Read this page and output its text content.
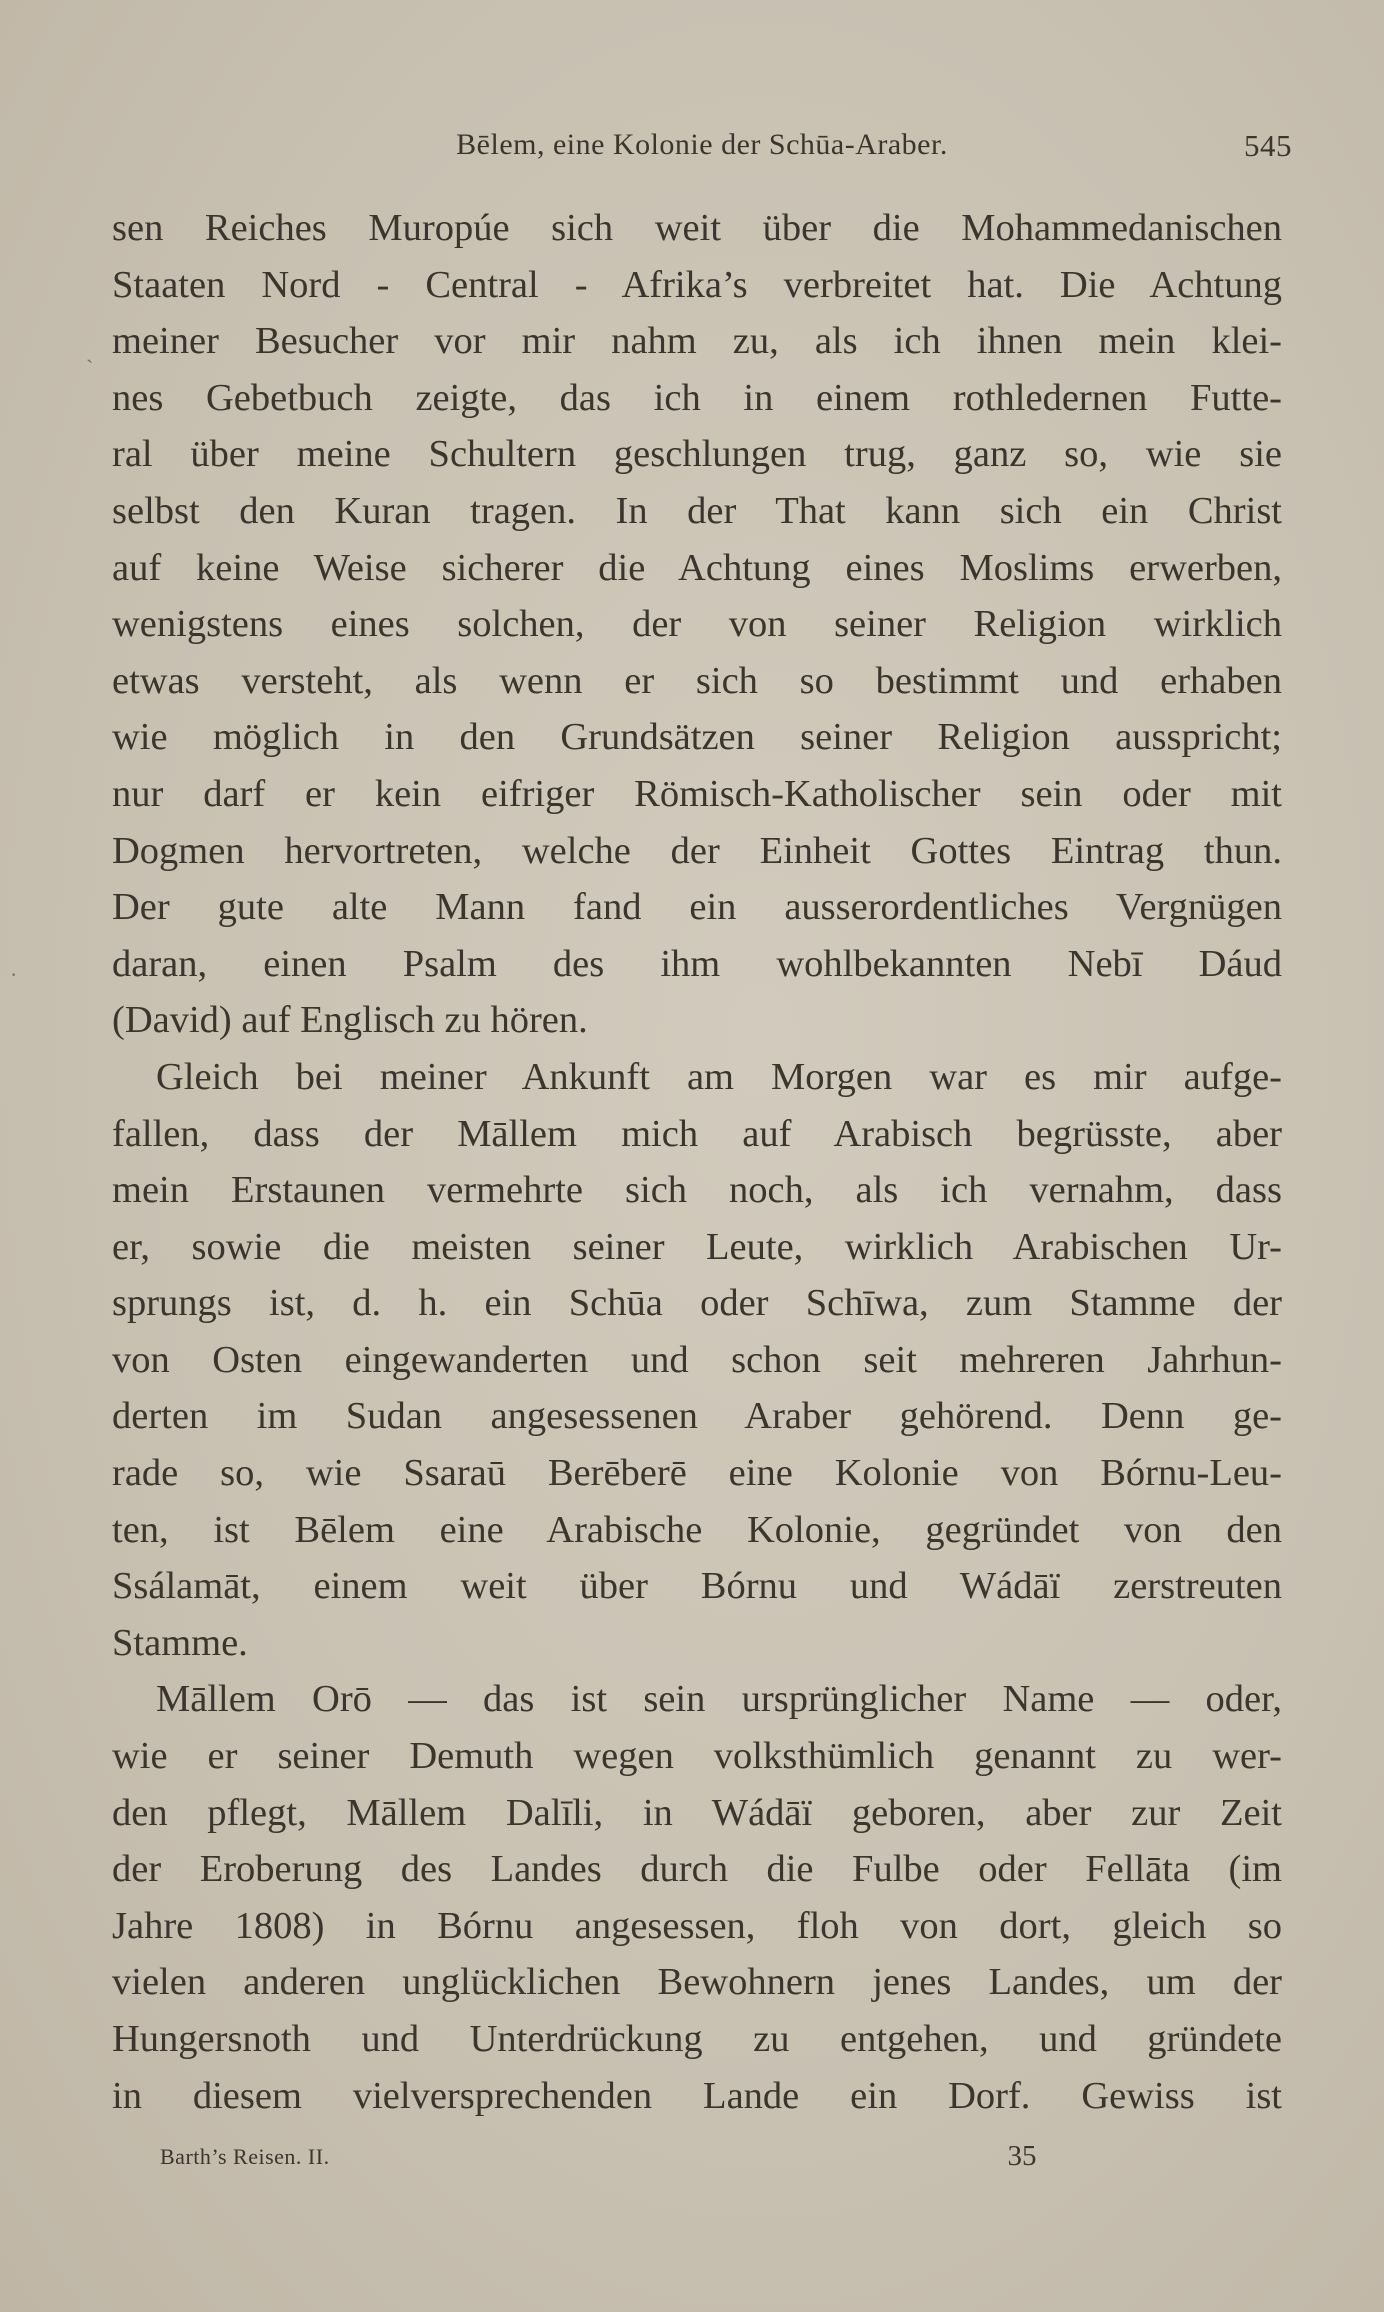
Bēlem, eine Kolonie der Schūa-Araber.	545
ˎ
·
sen Reiches Muropúe sich weit über die Mohammedanischen
Staaten Nord - Central - Afrika’s verbreitet hat. Die Achtung
meiner Besucher vor mir nahm zu, als ich ihnen mein klei-
nes Gebetbuch zeigte, das ich in einem rothledernen Futte-
ral über meine Schultern geschlungen trug, ganz so, wie sie
selbst den Kuran tragen. In der That kann sich ein Christ
auf keine Weise sicherer die Achtung eines Moslims erwerben,
wenigstens eines solchen, der von seiner Religion wirklich
etwas versteht, als wenn er sich so bestimmt und erhaben
wie möglich in den Grundsätzen seiner Religion ausspricht;
nur darf er kein eifriger Römisch-Katholischer sein oder mit
Dogmen hervortreten, welche der Einheit Gottes Eintrag thun.
Der gute alte Mann fand ein ausserordentliches Vergnügen
daran, einen Psalm des ihm wohlbekannten Nebī Dáud
(David) auf Englisch zu hören.
Gleich bei meiner Ankunft am Morgen war es mir aufge-
fallen, dass der Māllem mich auf Arabisch begrüsste, aber
mein Erstaunen vermehrte sich noch, als ich vernahm, dass
er, sowie die meisten seiner Leute, wirklich Arabischen Ur-
sprungs ist, d. h. ein Schūa oder Schīwa, zum Stamme der
von Osten eingewanderten und schon seit mehreren Jahrhun-
derten im Sudan angesessenen Araber gehörend. Denn ge-
rade so, wie Ssaraū Berēberē eine Kolonie von Bórnu-Leu-
ten, ist Bēlem eine Arabische Kolonie, gegründet von den
Ssálamāt, einem weit über Bórnu und Wádāï zerstreuten
Stamme.
Māllem Orō — das ist sein ursprünglicher Name — oder,
wie er seiner Demuth wegen volksthümlich genannt zu wer-
den pflegt, Māllem Dalīli, in Wádāï geboren, aber zur Zeit
der Eroberung des Landes durch die Fulbe oder Fellāta (im
Jahre 1808) in Bórnu angesessen, floh von dort, gleich so
vielen anderen unglücklichen Bewohnern jenes Landes, um der
Hungersnoth und Unterdrückung zu entgehen, und gründete
in diesem vielversprechenden Lande ein Dorf. Gewiss ist
Barth’s Reisen. II.	35
